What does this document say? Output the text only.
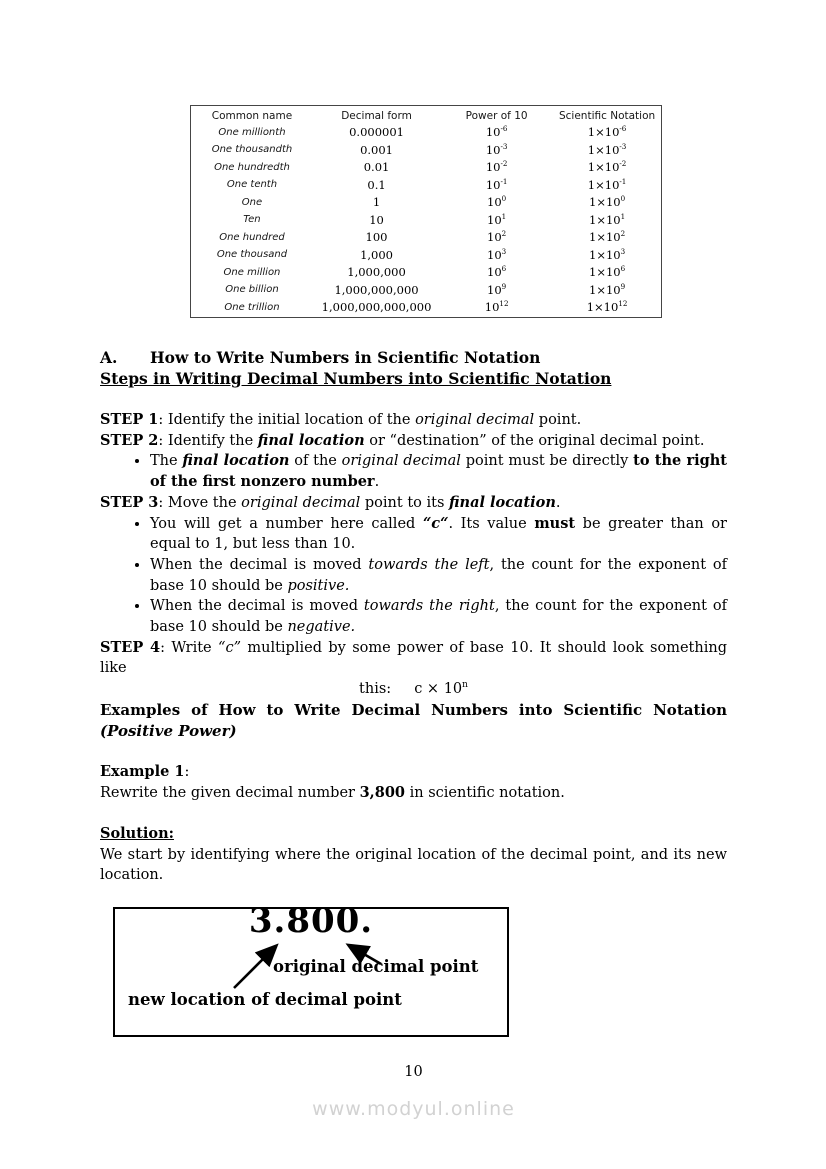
Common name	Decimal form	Power of 10	Scientific Notation
One millionth	0.000001	$10^{-6}$	$1\times 10^{-6}$
One thousandth	0.001	$10^{-3}$	$1\times 10^{-3}$
One hundredth	0.01	$10^{-2}$	$1\times 10^{-2}$
One tenth	0.1	$10^{-1}$	$1\times 10^{-1}$
One	1	$10^0$	$1\times 10^0$
Ten	10	$10^1$	$1\times 10^1$
One hundred	100	$10^2$	$1\times 10^2$
One thousand	1,000	$10^3$	$1\times 10^3$
One million	1,000,000	$10^6$	$1\times 10^6$
One billion	1,000,000,000	$10^9$	$1\times 10^9$
One trillion	1,000,000,000,000	$10^{12}$	$1\times 10^{12}$
A.	How to Write Numbers in Scientific Notation
Steps in Writing Decimal Numbers into Scientific Notation

STEP 1: Identify the initial location of the original decimal point.

STEP 2: Identify the final location or “destination” of the original decimal point.

• The final location of the original decimal point must be directly to the right of the first nonzero number.

STEP 3: Move the original decimal point to its final location.

• You will get a number here called “c“. Its value must be greater than or equal to 1, but less than 10.
• When the decimal is moved towards the left, the count for the exponent of base 10 should be positive.
• When the decimal is moved towards the right, the count for the exponent of base 10 should be negative.

STEP 4: Write “c” multiplied by some power of base 10. It should look something like

this:     $c \times 10^n$

Examples of How to Write Decimal Numbers into Scientific Notation (Positive Power)

Example 1:

Rewrite the given decimal number 3,800 in scientific notation.

Solution:

We start by identifying where the original location of the decimal point, and its new location.

3.800.
original decimal point
new location of decimal point
10
www.modyul.online
